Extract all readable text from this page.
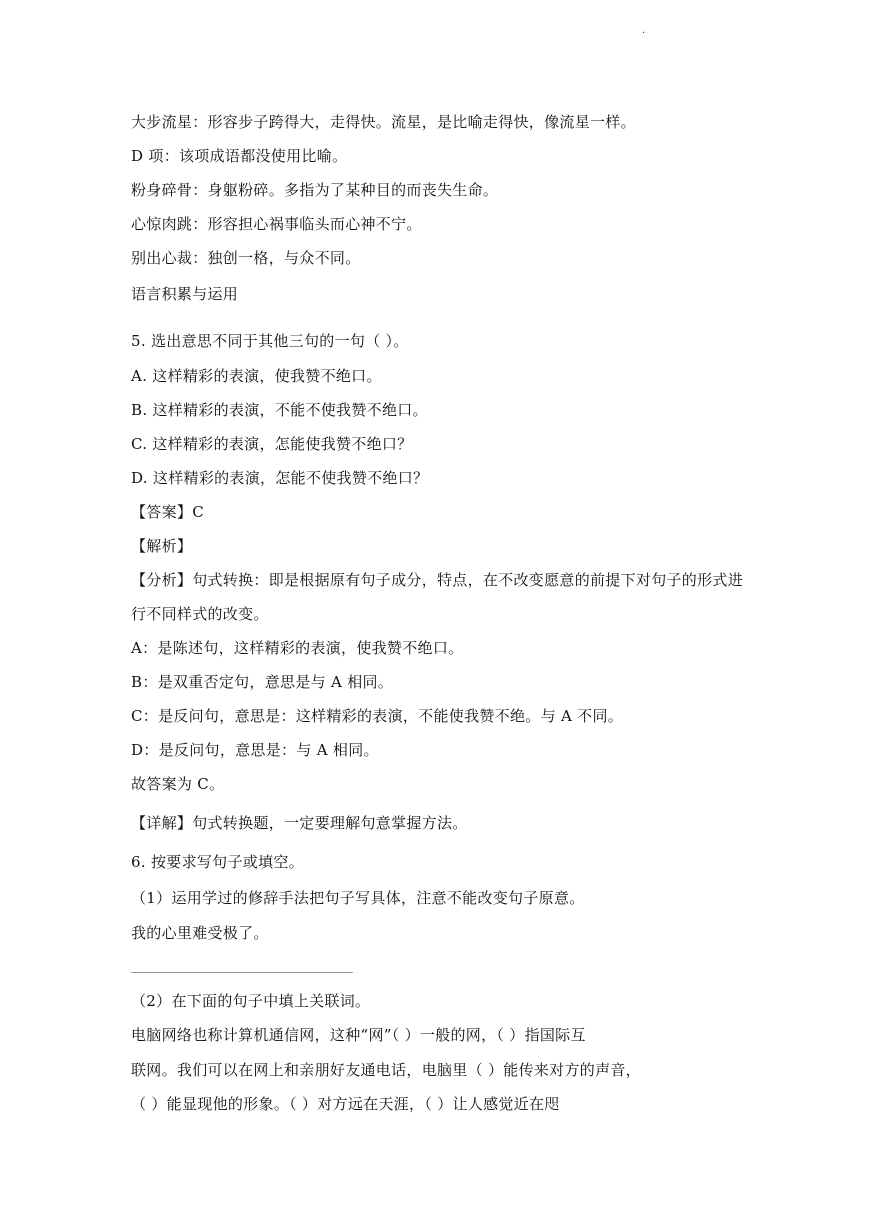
·
大步流星：形容步子跨得大，走得快。流星，是比喻走得快，像流星一样。
D 项：该项成语都没使用比喻。
粉身碎骨：身躯粉碎。多指为了某种目的而丧失生命。
心惊肉跳：形容担心祸事临头而心神不宁。
别出心裁：独创一格，与众不同。
语言积累与运用
5. 选出意思不同于其他三句的一句（ ）。
A. 这样精彩的表演，使我赞不绝口。
B. 这样精彩的表演，不能不使我赞不绝口。
C. 这样精彩的表演，怎能使我赞不绝口？
D. 这样精彩的表演，怎能不使我赞不绝口？
【答案】C
【解析】
【分析】句式转换：即是根据原有句子成分，特点，在不改变愿意的前提下对句子的形式进
行不同样式的改变。
A：是陈述句，这样精彩的表演，使我赞不绝口。
B：是双重否定句，意思是与 A 相同。
C：是反问句，意思是：这样精彩的表演，不能使我赞不绝。与 A 不同。
D：是反问句，意思是：与 A 相同。
故答案为 C。
【详解】句式转换题，一定要理解句意掌握方法。
6. 按要求写句子或填空。
（1）运用学过的修辞手法把句子写具体，注意不能改变句子原意。
我的心里难受极了。
（2）在下面的句子中填上关联词。
电脑网络也称计算机通信网，这种“网”（ ）一般的网，（ ）指国际互
联网。我们可以在网上和亲朋好友通电话，电脑里（ ）能传来对方的声音，
（ ）能显现他的形象。（ ）对方远在天涯，（ ）让人感觉近在咫
